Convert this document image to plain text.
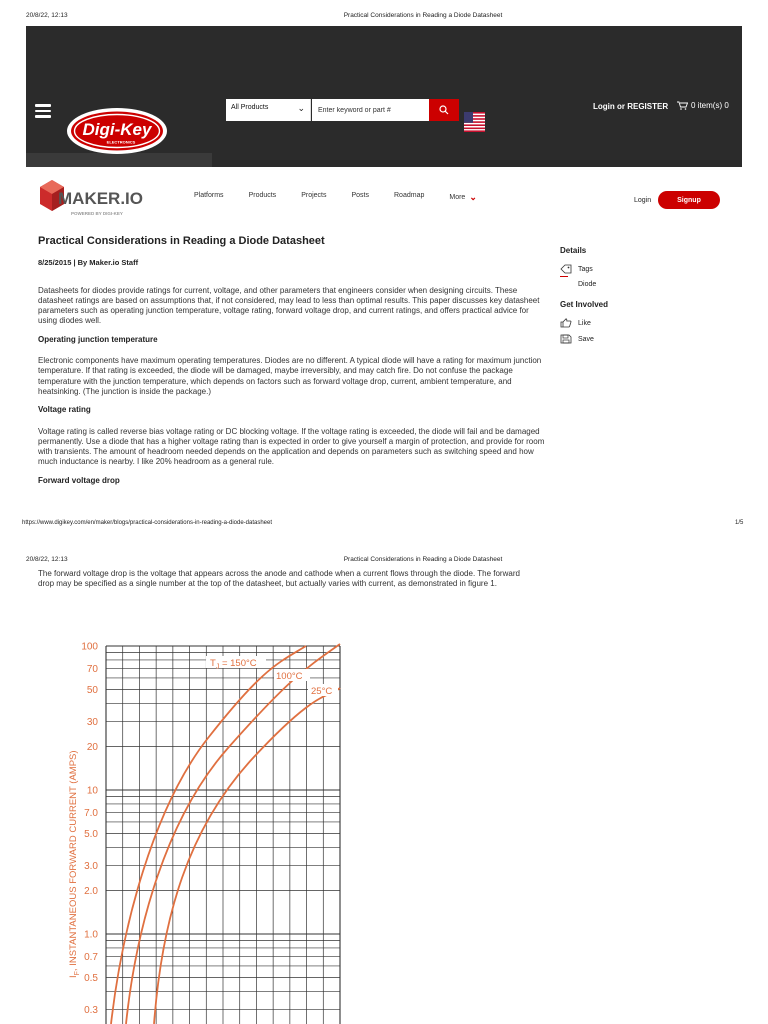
20/8/22, 12:13	Practical Considerations in Reading a Diode Datasheet
Digi-Key
ELECTRONICS
All Products	⌄
Enter keyword or part #	Login or REGISTER	0 item(s) 0
MAKER.IO
POWERED BY DIGI-KEY
Platforms	Products	Projects	Posts	Roadmap	More ⌄	Login	Signup
Practical Considerations in Reading a Diode Datasheet
8/25/2015 | By Maker.io Staff

Datasheets for diodes provide ratings for current, voltage, and other parameters that engineers consider when designing circuits. These datasheet ratings are based on assumptions that, if not considered, may lead to less than optimal results. This paper discusses key datasheet parameters such as operating junction temperature, voltage rating, forward voltage drop, and current ratings, and offers practical advice for using diodes well.

Operating junction temperature

Electronic components have maximum operating temperatures. Diodes are no different. A typical diode will have a rating for maximum junction temperature. If that rating is exceeded, the diode will be damaged, maybe irreversibly, and may catch fire. Do not confuse the package temperature with the junction temperature, which depends on factors such as forward voltage drop, current, ambient temperature, and heatsinking. (The junction is inside the package.)

Voltage rating

Voltage rating is called reverse bias voltage rating or DC blocking voltage. If the voltage rating is exceeded, the diode will fail and be damaged permanently. Use a diode that has a higher voltage rating than is expected in order to give yourself a margin of protection, and provide for room with transients. The amount of headroom needed depends on the application and depends on parameters such as switching speed and how much inductance is nearby. I like 20% headroom as a general rule.

Forward voltage drop
Details
Tags
Diode
Get Involved
Like
Save
https://www.digikey.com/en/maker/blogs/practical-considerations-in-reading-a-diode-datasheet	1/5
20/8/22, 12:13	Practical Considerations in Reading a Diode Datasheet

The forward voltage drop is the voltage that appears across the anode and cathode when a current flows through the diode. The forward drop may be specified as a single number at the top of the datasheet, but actually varies with current, as demonstrated in figure 1.

100
70
50
30
20
10
7.0
5.0
3.0
2.0
1.0
0.7
0.5
0.3
$I_F$, INSTANTANEOUS FORWARD CURRENT (AMPS)
$T_J = 150^\circ C$
100°C
25°C
